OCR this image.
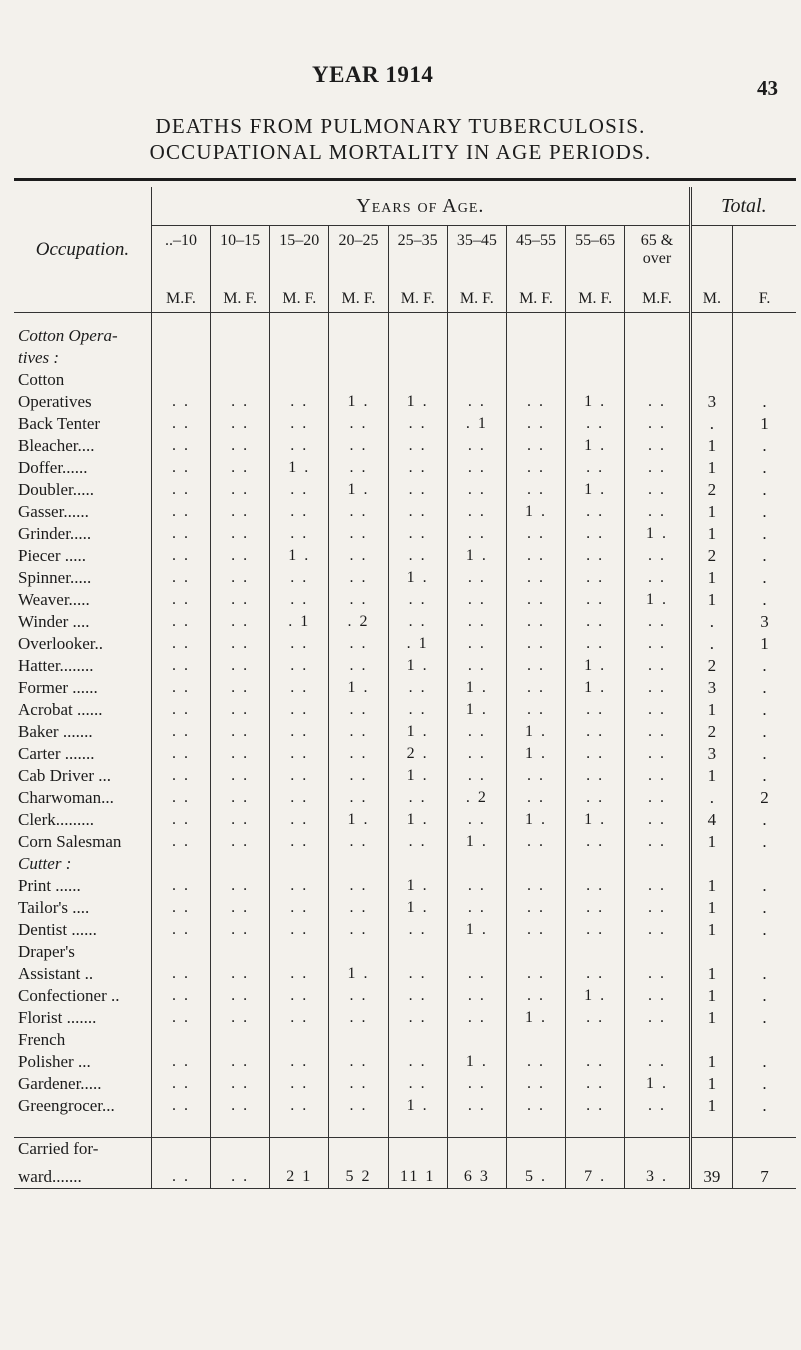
YEAR 1914
43
DEATHS FROM PULMONARY TUBERCULOSIS.
OCCUPATIONAL MORTALITY IN AGE PERIODS.

Occupation.	Years of Age.									Total.	
	..–10	10–15	15–20	20–25	25–35	35–45	45–55	55–65	65 & over	M.	F.
	M.F.	M. F.	M. F.	M. F.	M. F.	M. F.	M. F.	M. F.	M.F.		

Cotton Opera-											
tives :											
Cotton											
Operatives	. .	. .	. .	1 .	1 .	. .	. .	1 .	. .	3	.
Back Tenter	. .	. .	. .	. .	. .	. 1	. .	. .	. .	.	1
Bleacher....	. .	. .	. .	. .	. .	. .	. .	1 .	. .	1	.
Doffer......	. .	. .	1 .	. .	. .	. .	. .	. .	. .	1	.
Doubler.....	. .	. .	. .	1 .	. .	. .	. .	1 .	. .	2	.
Gasser......	. .	. .	. .	. .	. .	. .	1 .	. .	. .	1	.
Grinder.....	. .	. .	. .	. .	. .	. .	. .	. .	1 .	1	.
Piecer .....	. .	. .	1 .	. .	. .	1 .	. .	. .	. .	2	.
Spinner.....	. .	. .	. .	. .	1 .	. .	. .	. .	. .	1	.
Weaver.....	. .	. .	. .	. .	. .	. .	. .	. .	1 .	1	.
Winder ....	. .	. .	. 1	. 2	. .	. .	. .	. .	. .	.	3
Overlooker..	. .	. .	. .	. .	. 1	. .	. .	. .	. .	.	1
Hatter........	. .	. .	. .	. .	1 .	. .	. .	1 .	. .	2	.
Former ......	. .	. .	. .	1 .	. .	1 .	. .	1 .	. .	3	.
Acrobat ......	. .	. .	. .	. .	. .	1 .	. .	. .	. .	1	.
Baker .......	. .	. .	. .	. .	1 .	. .	1 .	. .	. .	2	.
Carter .......	. .	. .	. .	. .	2 .	. .	1 .	. .	. .	3	.
Cab Driver ...	. .	. .	. .	. .	1 .	. .	. .	. .	. .	1	.
Charwoman...	. .	. .	. .	. .	. .	. 2	. .	. .	. .	.	2
Clerk.........	. .	. .	. .	1 .	1 .	. .	1 .	1 .	. .	4	.
Corn Salesman	. .	. .	. .	. .	. .	1 .	. .	. .	. .	1	.
Cutter :											
Print ......	. .	. .	. .	. .	1 .	. .	. .	. .	. .	1	.
Tailor's ....	. .	. .	. .	. .	1 .	. .	. .	. .	. .	1	.
Dentist ......	. .	. .	. .	. .	. .	1 .	. .	. .	. .	1	.
Draper's											
Assistant ..	. .	. .	. .	1 .	. .	. .	. .	. .	. .	1	.
Confectioner ..	. .	. .	. .	. .	. .	. .	. .	1 .	. .	1	.
Florist .......	. .	. .	. .	. .	. .	. .	1 .	. .	. .	1	.
French											
Polisher ...	. .	. .	. .	. .	. .	1 .	. .	. .	. .	1	.
Gardener.....	. .	. .	. .	. .	. .	. .	. .	. .	1 .	1	.
Greengrocer...	. .	. .	. .	. .	1 .	. .	. .	. .	. .	1	.

Carried for-											
ward.......	. .	. .	2 1	5 2	11 1	6 3	5 .	7 .	3 .	39	7
